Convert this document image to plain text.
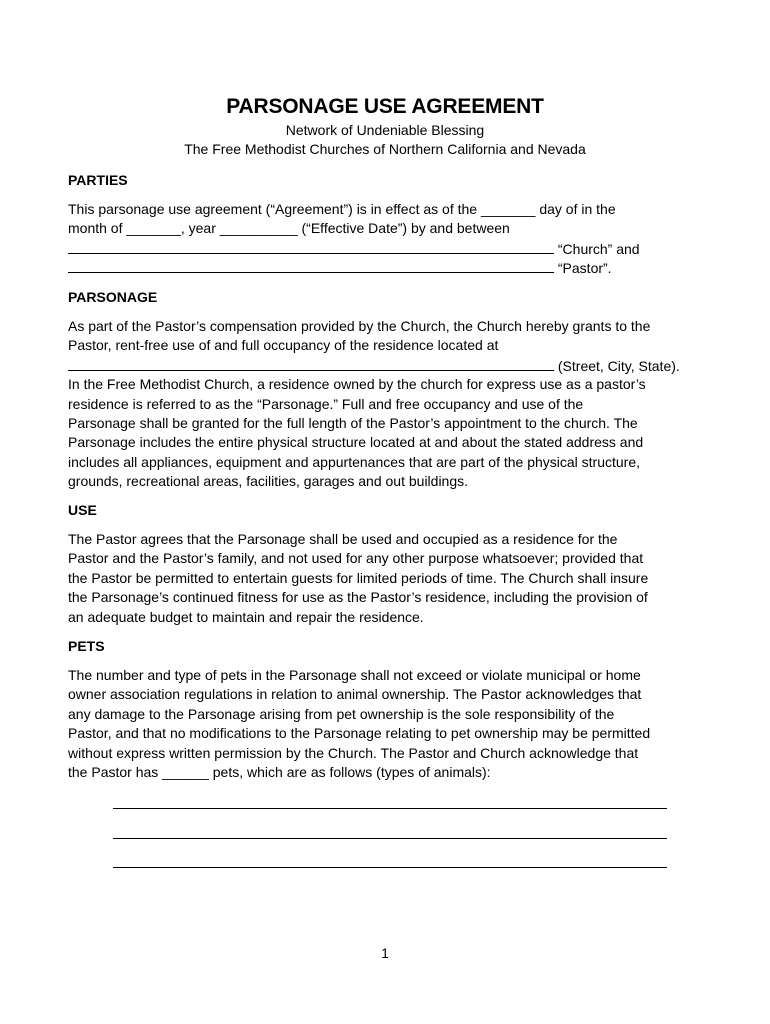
PARSONAGE USE AGREEMENT
Network of Undeniable Blessing
The Free Methodist Churches of Northern California and Nevada
PARTIES
This parsonage use agreement (“Agreement”) is in effect as of the _______ day of in the
month of _______, year __________ (“Effective Date”) by and between
“Church” and
“Pastor”.
PARSONAGE
As part of the Pastor’s compensation provided by the Church, the Church hereby grants to the
Pastor, rent-free use of and full occupancy of the residence located at
(Street, City, State).
In the Free Methodist Church, a residence owned by the church for express use as a pastor’s
residence is referred to as the “Parsonage.” Full and free occupancy and use of the
Parsonage shall be granted for the full length of the Pastor’s appointment to the church. The
Parsonage includes the entire physical structure located at and about the stated address and
includes all appliances, equipment and appurtenances that are part of the physical structure,
grounds, recreational areas, facilities, garages and out buildings.
USE
The Pastor agrees that the Parsonage shall be used and occupied as a residence for the
Pastor and the Pastor’s family, and not used for any other purpose whatsoever; provided that
the Pastor be permitted to entertain guests for limited periods of time. The Church shall insure
the Parsonage’s continued fitness for use as the Pastor’s residence, including the provision of
an adequate budget to maintain and repair the residence.
PETS
The number and type of pets in the Parsonage shall not exceed or violate municipal or home
owner association regulations in relation to animal ownership. The Pastor acknowledges that
any damage to the Parsonage arising from pet ownership is the sole responsibility of the
Pastor, and that no modifications to the Parsonage relating to pet ownership may be permitted
without express written permission by the Church. The Pastor and Church acknowledge that
the Pastor has ______ pets, which are as follows (types of animals):
1
